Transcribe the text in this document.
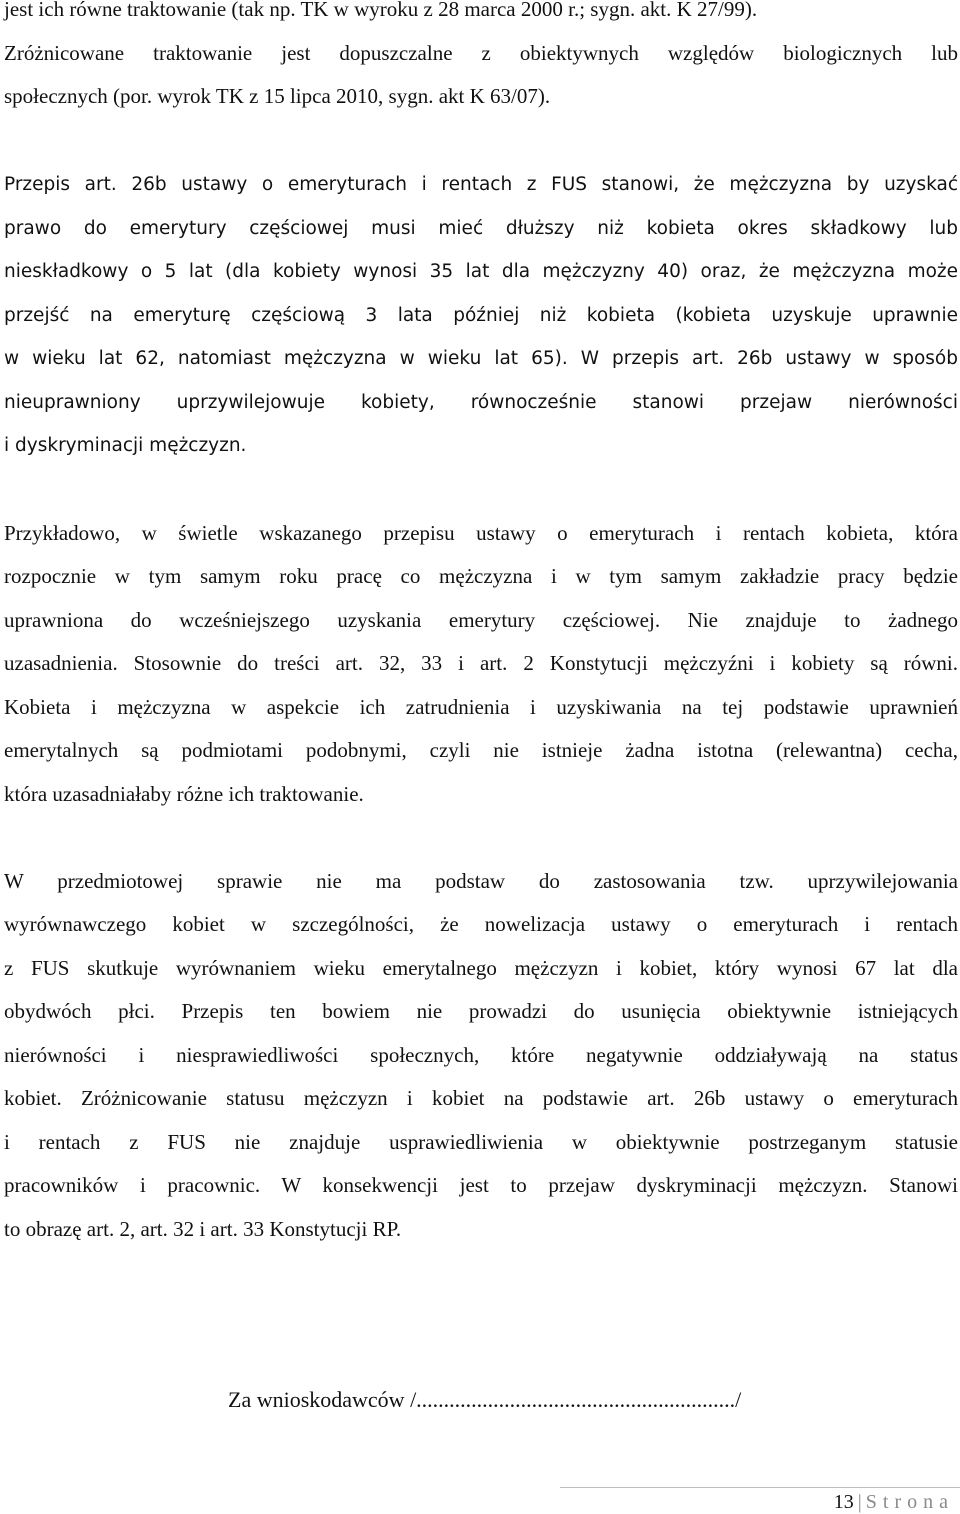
jest ich równe traktowanie (tak np. TK w wyroku z 28 marca 2000 r.; sygn. akt. K 27/99).
Zróżnicowane traktowanie jest dopuszczalne z obiektywnych względów biologicznych lub
społecznych (por. wyrok TK z 15 lipca 2010, sygn. akt K 63/07).
Przepis art. 26b ustawy o emeryturach i rentach z FUS stanowi, że mężczyzna by uzyskać
prawo do emerytury częściowej musi mieć dłuższy niż kobieta okres składkowy lub
nieskładkowy o 5 lat (dla kobiety wynosi 35 lat dla mężczyzny 40) oraz, że mężczyzna może
przejść na emeryturę częściową 3 lata później niż kobieta (kobieta uzyskuje uprawnie
w wieku lat 62, natomiast mężczyzna w wieku lat 65). W przepis art. 26b ustawy w sposób
nieuprawniony uprzywilejowuje kobiety, równocześnie stanowi przejaw nierówności
i dyskryminacji mężczyzn.
Przykładowo, w świetle wskazanego przepisu ustawy o emeryturach i rentach kobieta, która
rozpocznie w tym samym roku pracę co mężczyzna i w tym samym zakładzie pracy będzie
uprawniona do wcześniejszego uzyskania emerytury częściowej. Nie znajduje to żadnego
uzasadnienia. Stosownie do treści art. 32, 33 i art. 2 Konstytucji mężczyźni i kobiety są równi.
Kobieta i mężczyzna w aspekcie ich zatrudnienia i uzyskiwania na tej podstawie uprawnień
emerytalnych są podmiotami podobnymi, czyli nie istnieje żadna istotna (relewantna) cecha,
która uzasadniałaby różne ich traktowanie.
W przedmiotowej sprawie nie ma podstaw do zastosowania tzw. uprzywilejowania
wyrównawczego kobiet w szczególności, że nowelizacja ustawy o emeryturach i rentach
z FUS skutkuje wyrównaniem wieku emerytalnego mężczyzn i kobiet, który wynosi 67 lat dla
obydwóch płci. Przepis ten bowiem nie prowadzi do usunięcia obiektywnie istniejących
nierówności i niesprawiedliwości społecznych, które negatywnie oddziaływają na status
kobiet. Zróżnicowanie statusu mężczyzn i kobiet na podstawie art. 26b ustawy o emeryturach
i rentach z FUS nie znajduje usprawiedliwienia w obiektywnie postrzeganym statusie
pracowników i pracownic. W konsekwencji jest to przejaw dyskryminacji mężczyzn. Stanowi
to obrazę art. 2, art. 32 i art. 33 Konstytucji RP.
Za wnioskodawców /........................................................../
13 | Strona
